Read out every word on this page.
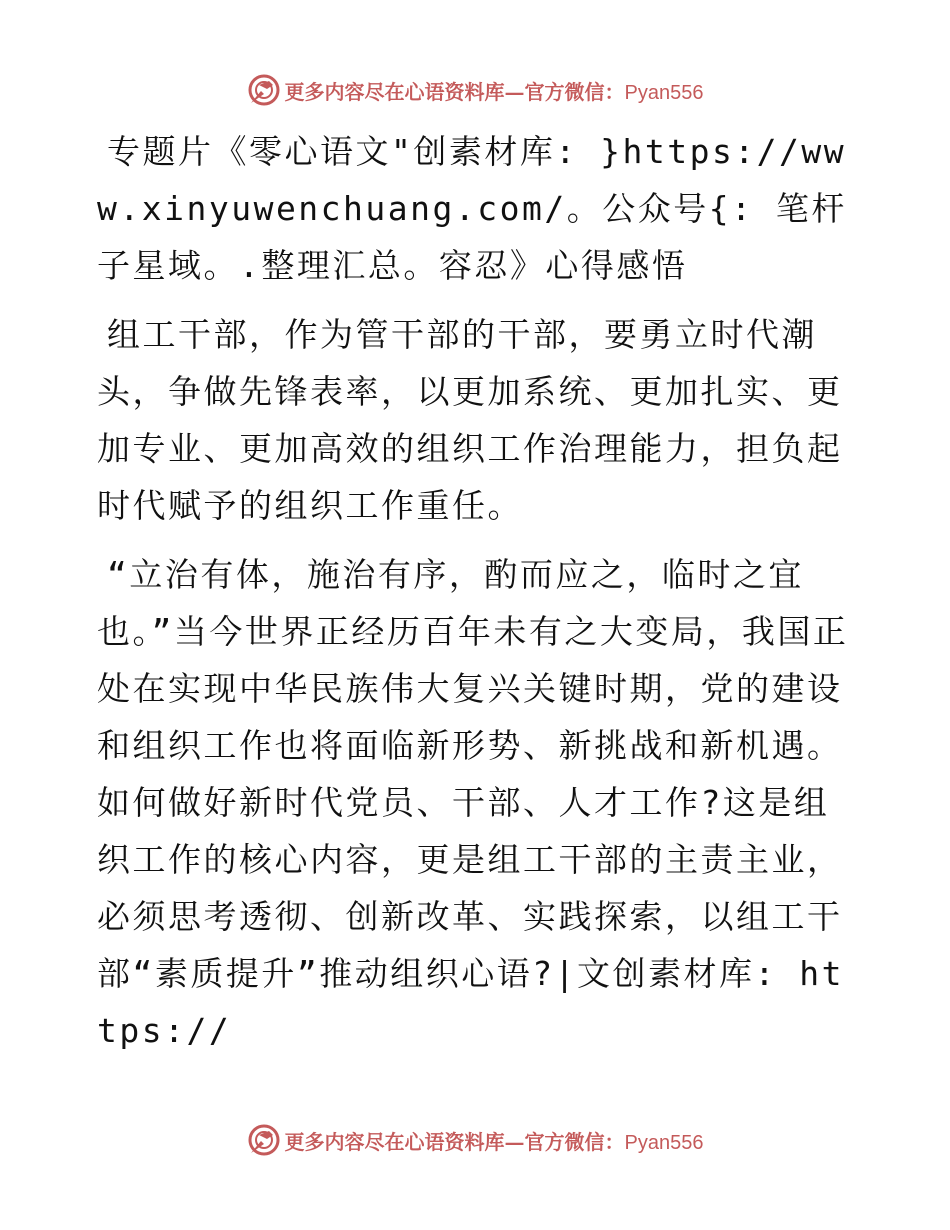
更多内容尽在心语资料库—官方微信：Pyan556

专题片《零心语文"创素材库: }https://www.xinyuwenchuang.com/。公众号{: 笔杆子星域。.整理汇总。容忍》心得感悟

组工干部，作为管干部的干部，要勇立时代潮头，争做先锋表率，以更加系统、更加扎实、更加专业、更加高效的组织工作治理能力，担负起时代赋予的组织工作重任。

“立治有体，施治有序，酌而应之，临时之宜也。”当今世界正经历百年未有之大变局，我国正处在实现中华民族伟大复兴关键时期，党的建设和组织工作也将面临新形势、新挑战和新机遇。如何做好新时代党员、干部、人才工作?这是组织工作的核心内容，更是组工干部的主责主业，必须思考透彻、创新改革、实践探索，以组工干部“素质提升”推动组织心语?|文创素材库: https://

更多内容尽在心语资料库—官方微信：Pyan556
